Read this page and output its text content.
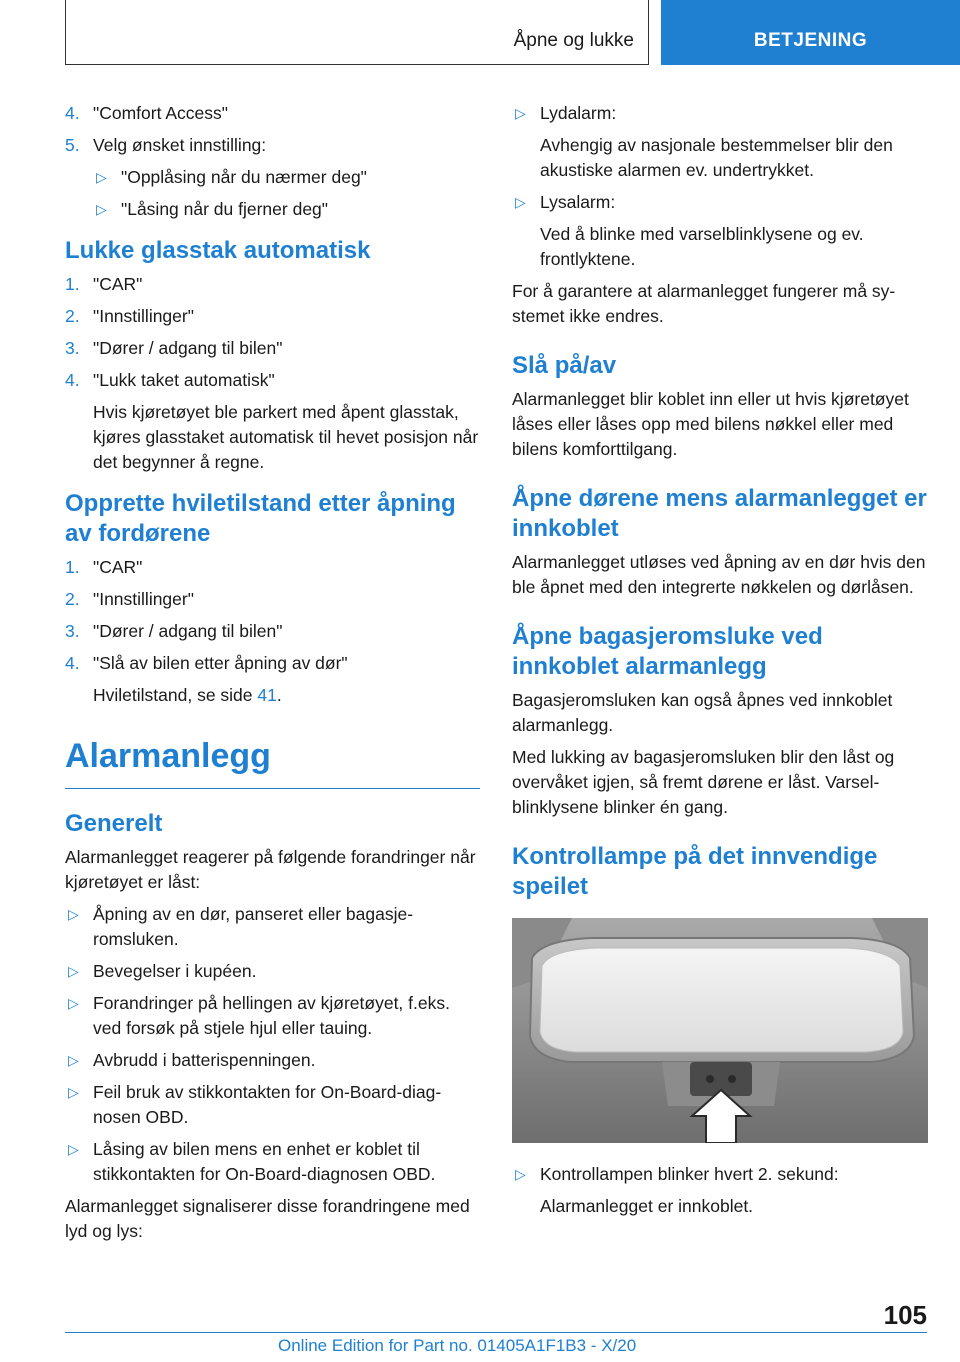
Åpne og lukke	BETJENING
4. "Comfort Access"
5. Velg ønsket innstilling:
▷ "Opplåsing når du nærmer deg"
▷ "Låsing når du fjerner deg"
Lukke glasstak automatisk
1. "CAR"
2. "Innstillinger"
3. "Dører / adgang til bilen"
4. "Lukk taket automatisk"
Hvis kjøretøyet ble parkert med åpent glasstak, kjøres glasstaket automatisk til hevet posisjon når det begynner å regne.
Opprette hviletilstand etter åpning av fordørene
1. "CAR"
2. "Innstillinger"
3. "Dører / adgang til bilen"
4. "Slå av bilen etter åpning av dør"
Hviletilstand, se side 41.
Alarmanlegg
Generelt
Alarmanlegget reagerer på følgende forandringer når kjøretøyet er låst:
▷ Åpning av en dør, panseret eller bagasjeromsluken.
▷ Bevegelser i kupéen.
▷ Forandringer på hellingen av kjøretøyet, f.eks. ved forsøk på stjele hjul eller tauing.
▷ Avbrudd i batterispenningen.
▷ Feil bruk av stikkontakten for On-Board-diagnosen OBD.
▷ Låsing av bilen mens en enhet er koblet til stikkontakten for On-Board-diagnosen OBD.
Alarmanlegget signaliserer disse forandringene med lyd og lys:
▷ Lydalarm:
Avhengig av nasjonale bestemmelser blir den akustiske alarmen ev. undertrykket.
▷ Lysalarm:
Ved å blinke med varselblinklysene og ev. frontlyktene.
For å garantere at alarmanlegget fungerer må systemet ikke endres.
Slå på/av
Alarmanlegget blir koblet inn eller ut hvis kjøretøyet låses eller låses opp med bilens nøkkel eller med bilens komforttilgang.
Åpne dørene mens alarmanlegget er innkoblet
Alarmanlegget utløses ved åpning av en dør hvis den ble åpnet med den integrerte nøkkelen og dørlåsen.
Åpne bagasjeromsluke ved innkoblet alarmanlegg
Bagasjeromsluken kan også åpnes ved innkoblet alarmanlegg.
Med lukking av bagasjeromsluken blir den låst og overvåket igjen, så fremt dørene er låst. Varselblinklysene blinker én gang.
Kontrollampe på det innvendige speilet
▷ Kontrollampen blinker hvert 2. sekund:
Alarmanlegget er innkoblet.
105
Online Edition for Part no. 01405A1F1B3 - X/20
